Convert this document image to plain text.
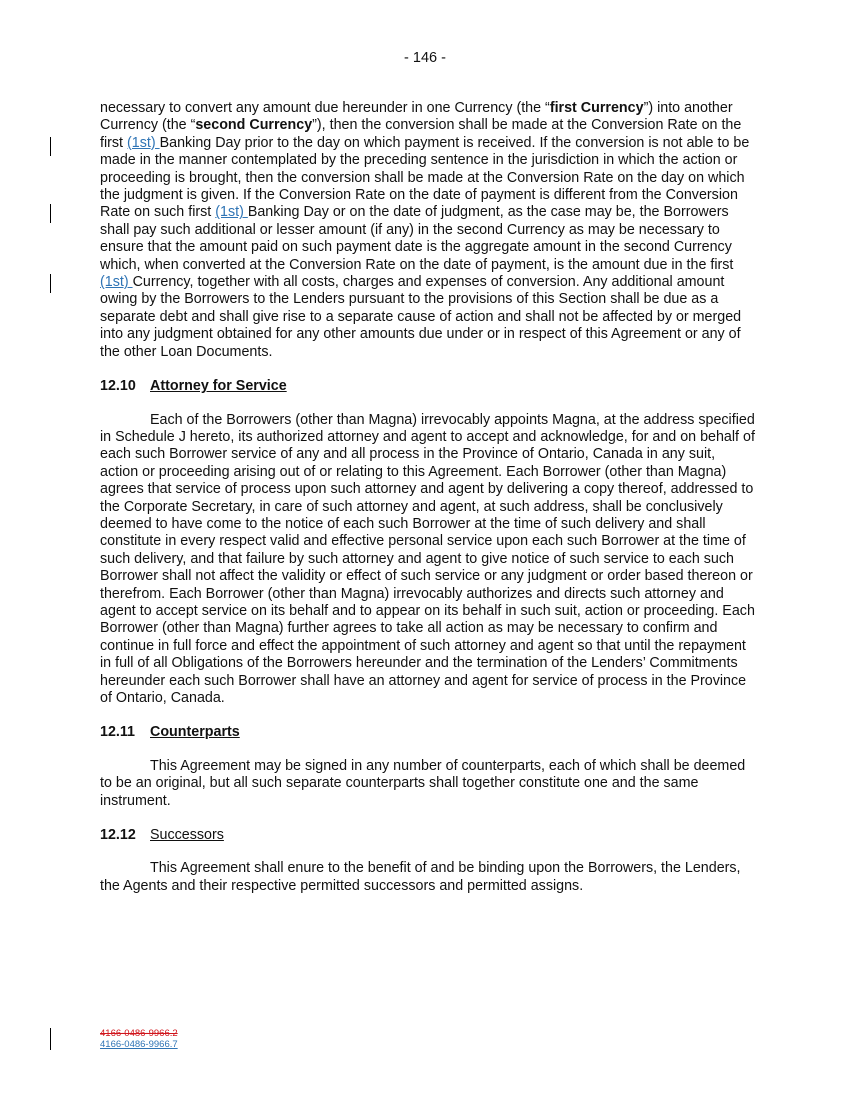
- 146 -

necessary to convert any amount due hereunder in one Currency (the “first Currency”) into another Currency (the “second Currency”), then the conversion shall be made at the Conversion Rate on the first (1st) Banking Day prior to the day on which payment is received. If the conversion is not able to be made in the manner contemplated by the preceding sentence in the jurisdiction in which the action or proceeding is brought, then the conversion shall be made at the Conversion Rate on the day on which the judgment is given. If the Conversion Rate on the date of payment is different from the Conversion Rate on such first (1st) Banking Day or on the date of judgment, as the case may be, the Borrowers shall pay such additional or lesser amount (if any) in the second Currency as may be necessary to ensure that the amount paid on such payment date is the aggregate amount in the second Currency which, when converted at the Conversion Rate on the date of payment, is the amount due in the first (1st) Currency, together with all costs, charges and expenses of conversion. Any additional amount owing by the Borrowers to the Lenders pursuant to the provisions of this Section shall be due as a separate debt and shall give rise to a separate cause of action and shall not be affected by or merged into any judgment obtained for any other amounts due under or in respect of this Agreement or any of the other Loan Documents.

12.10 Attorney for Service

Each of the Borrowers (other than Magna) irrevocably appoints Magna, at the address specified in Schedule J hereto, its authorized attorney and agent to accept and acknowledge, for and on behalf of each such Borrower service of any and all process in the Province of Ontario, Canada in any suit, action or proceeding arising out of or relating to this Agreement. Each Borrower (other than Magna) agrees that service of process upon such attorney and agent by delivering a copy thereof, addressed to the Corporate Secretary, in care of such attorney and agent, at such address, shall be conclusively deemed to have come to the notice of each such Borrower at the time of such delivery and shall constitute in every respect valid and effective personal service upon each such Borrower at the time of such delivery, and that failure by such attorney and agent to give notice of such service to each such Borrower shall not affect the validity or effect of such service or any judgment or order based thereon or therefrom. Each Borrower (other than Magna) irrevocably authorizes and directs such attorney and agent to accept service on its behalf and to appear on its behalf in such suit, action or proceeding. Each Borrower (other than Magna) further agrees to take all action as may be necessary to confirm and continue in full force and effect the appointment of such attorney and agent so that until the repayment in full of all Obligations of the Borrowers hereunder and the termination of the Lenders’ Commitments hereunder each such Borrower shall have an attorney and agent for service of process in the Province of Ontario, Canada.

12.11 Counterparts

This Agreement may be signed in any number of counterparts, each of which shall be deemed to be an original, but all such separate counterparts shall together constitute one and the same instrument.

12.12 Successors

This Agreement shall enure to the benefit of and be binding upon the Borrowers, the Lenders, the Agents and their respective permitted successors and permitted assigns.

4166-0486-9966.2
4166-0486-9966.7
